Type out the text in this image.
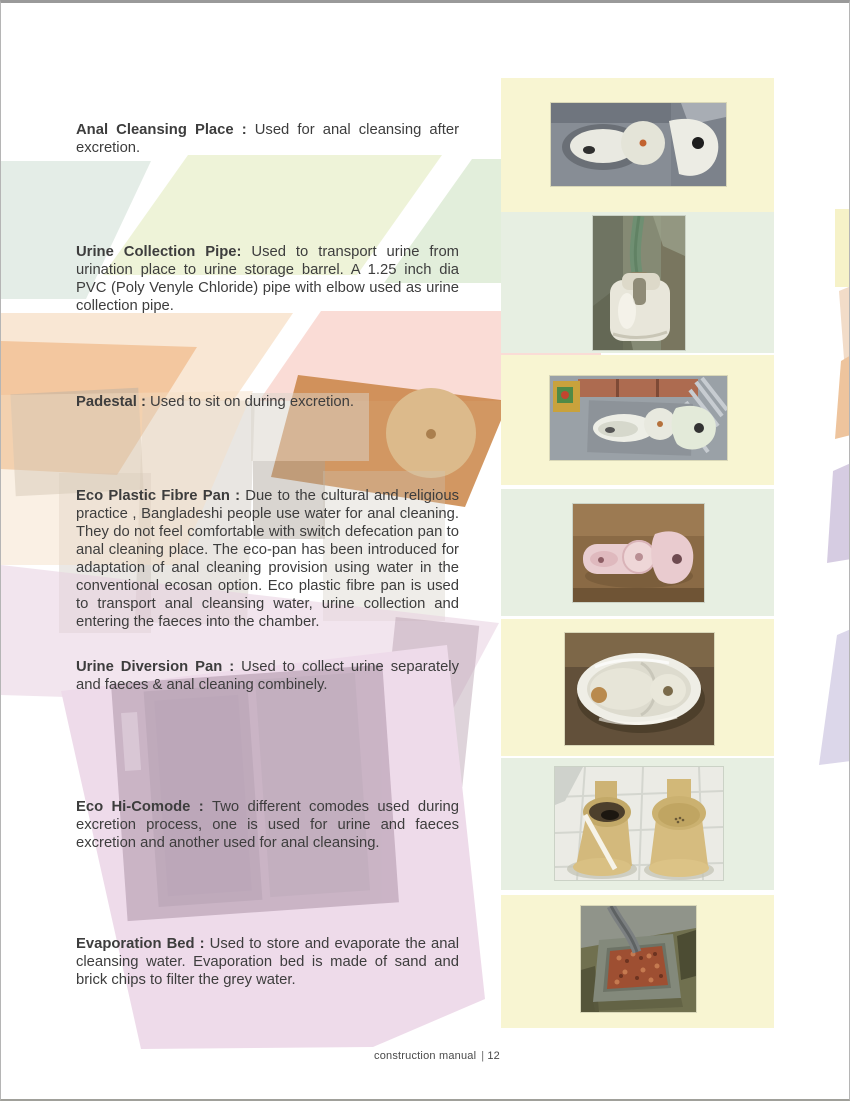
Anal Cleansing Place : Used for anal cleansing after excretion.

Urine Collection Pipe: Used to transport urine from urination place to urine storage barrel. A 1.25 inch dia PVC (Poly Venyle Chloride) pipe with elbow used as urine collection pipe.

Padestal : Used to sit on during excretion.

Eco Plastic Fibre Pan : Due to the cultural and religious practice , Bangladeshi people use water for anal cleaning. They do not feel comfortable with switch defecation pan to anal cleaning place. The eco-pan has been introduced for adaptation of anal cleaning provision using water in the conventional ecosan option. Eco plastic fibre pan is used to transport anal cleansing water, urine collection and entering the faeces into the chamber.

Urine Diversion Pan : Used to collect urine separately and faeces & anal cleaning combinely.

Eco Hi-Comode : Two different comodes used during excretion process, one is used for urine and faeces excretion and another used for anal cleansing.

Evaporation Bed : Used to store and evaporate the anal cleansing water. Evaporation bed is made of sand and brick chips to filter the grey water.

construction manual | 12
